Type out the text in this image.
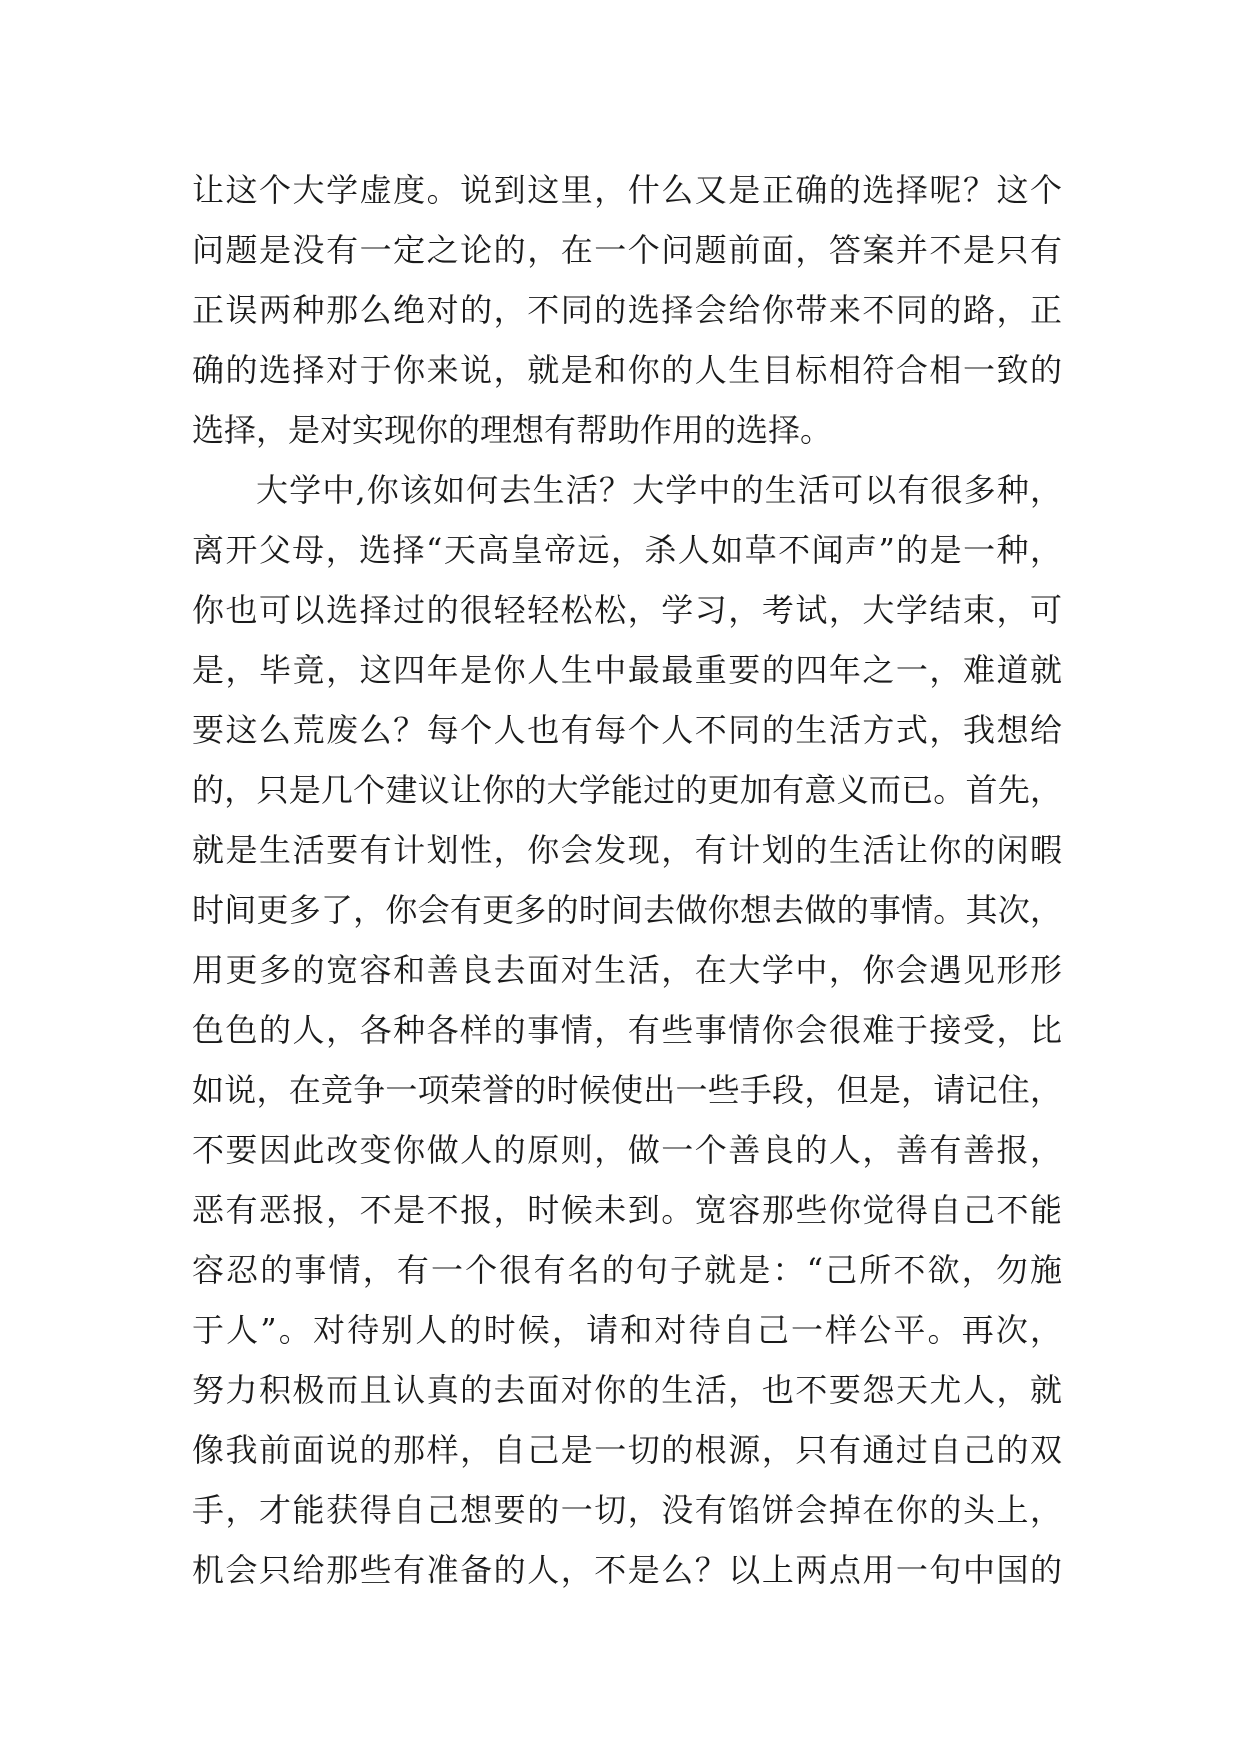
让这个大学虚度。说到这里，什么又是正确的选择呢？这个
问题是没有一定之论的，在一个问题前面，答案并不是只有
正误两种那么绝对的，不同的选择会给你带来不同的路，正
确的选择对于你来说，就是和你的人生目标相符合相一致的
选择，是对实现你的理想有帮助作用的选择。
大学中,你该如何去生活？大学中的生活可以有很多种，
离开父母，选择“天高皇帝远，杀人如草不闻声”的是一种，
你也可以选择过的很轻轻松松，学习，考试，大学结束，可
是，毕竟，这四年是你人生中最最重要的四年之一，难道就
要这么荒废么？每个人也有每个人不同的生活方式，我想给
的，只是几个建议让你的大学能过的更加有意义而已。首先，
就是生活要有计划性，你会发现，有计划的生活让你的闲暇
时间更多了，你会有更多的时间去做你想去做的事情。其次，
用更多的宽容和善良去面对生活，在大学中，你会遇见形形
色色的人，各种各样的事情，有些事情你会很难于接受，比
如说，在竞争一项荣誉的时候使出一些手段，但是，请记住，
不要因此改变你做人的原则，做一个善良的人，善有善报，
恶有恶报，不是不报，时候未到。宽容那些你觉得自己不能
容忍的事情，有一个很有名的句子就是：“己所不欲，勿施
于人”。对待别人的时候，请和对待自己一样公平。再次，
努力积极而且认真的去面对你的生活，也不要怨天尤人，就
像我前面说的那样，自己是一切的根源，只有通过自己的双
手，才能获得自己想要的一切，没有馅饼会掉在你的头上，
机会只给那些有准备的人，不是么？以上两点用一句中国的
